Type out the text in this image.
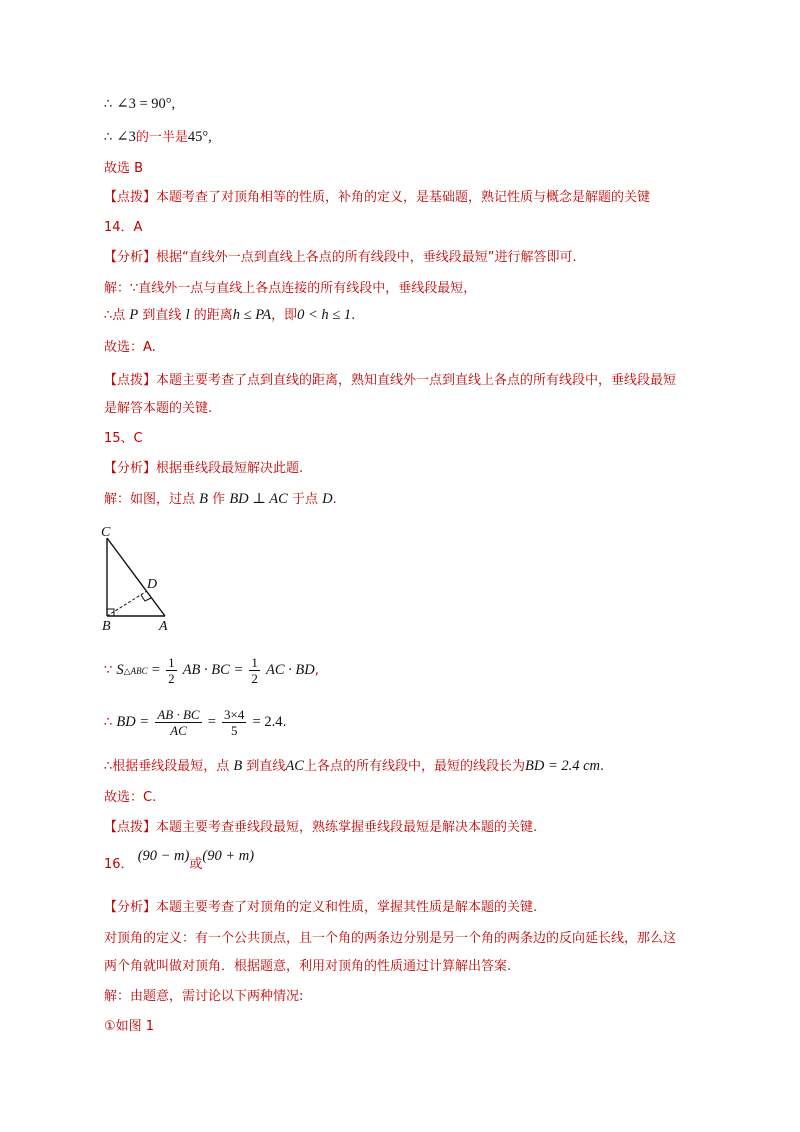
∴ ∠3 = 90°,
∴ ∠3的一半是45°,
故选 B
【点拨】本题考查了对顶角相等的性质，补角的定义，是基础题，熟记性质与概念是解题的关键
14．A
【分析】根据“直线外一点到直线上各点的所有线段中，垂线段最短”进行解答即可.
解：∵直线外一点与直线上各点连接的所有线段中，垂线段最短，
∴点 P 到直线 l 的距离h ≤ PA，即0 < h ≤ 1.
故选：A.
【点拨】本题主要考查了点到直线的距离，熟知直线外一点到直线上各点的所有线段中，垂线段最短
是解答本题的关键.
15、C
【分析】根据垂线段最短解决此题.
解：如图，过点 B 作 BD ⊥ AC 于点 D.
C
D
B	A
∵ S△ABC = $\frac{1}{2}$ AB · BC = $\frac{1}{2}$ AC · BD,
∴ BD = $\frac{AB \cdot BC}{AC} = \frac{3\times 4}{5} = 2.4$.
∴根据垂线段最短，点 B 到直线AC上各点的所有线段中，最短的线段长为BD = 2.4 cm.
故选：C.
【点拨】本题主要考查垂线段最短，熟练掌握垂线段最短是解决本题的关键.
16． (90 − m)或(90 + m)
【分析】本题主要考查了对顶角的定义和性质，掌握其性质是解本题的关键.
对顶角的定义：有一个公共顶点，且一个角的两条边分别是另一个角的两条边的反向延长线，那么这
两个角就叫做对顶角．根据题意，利用对顶角的性质通过计算解出答案.
解：由题意，需讨论以下两种情况:
①如图 1
